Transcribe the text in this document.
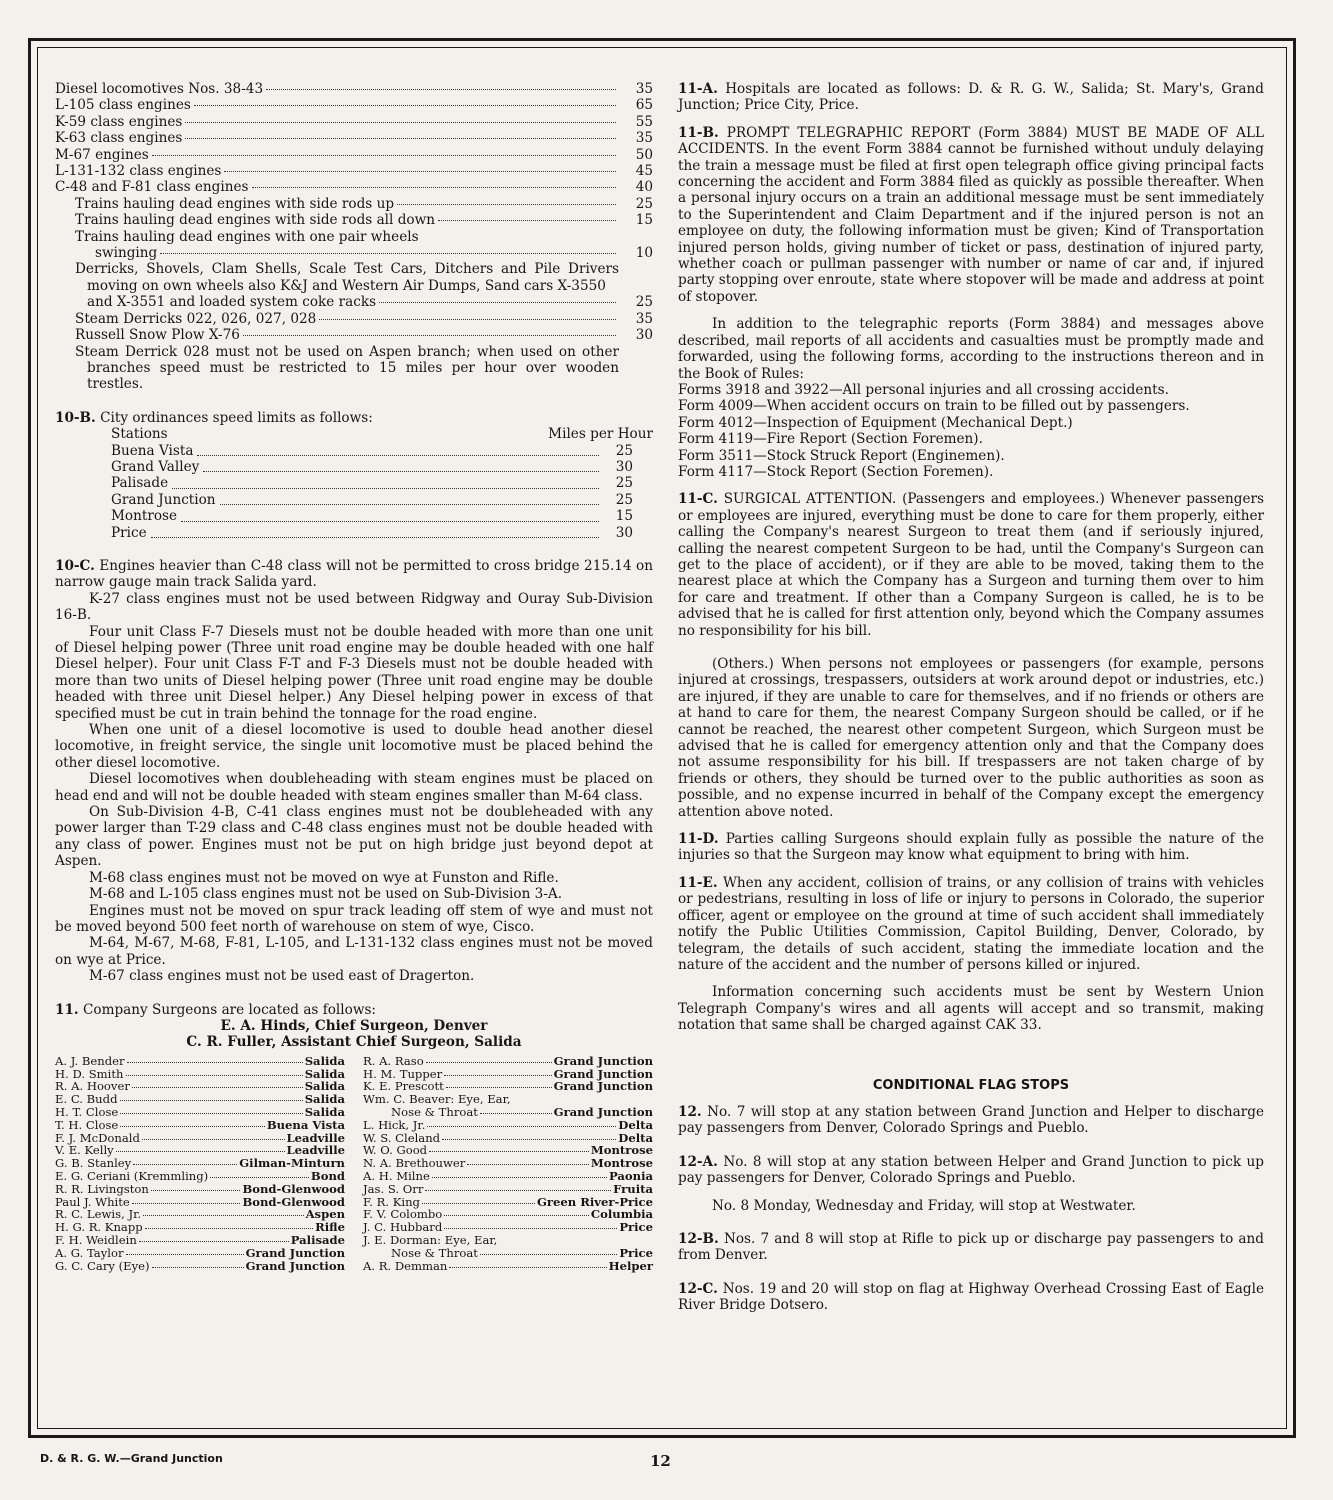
Diesel locomotives Nos. 38-43	35
L-105 class engines	65
K-59 class engines	55
K-63 class engines	35
M-67 engines	50
L-131-132 class engines	45
C-48 and F-81 class engines	40
Trains hauling dead engines with side rods up	25
Trains hauling dead engines with side rods all down	15
Trains hauling dead engines with one pair wheels
swinging	10
Derricks, Shovels, Clam Shells, Scale Test Cars, Ditchers and Pile Drivers moving on own wheels also K&J and Western Air Dumps, Sand cars X-3550
and X-3551 and loaded system coke racks	25
Steam Derricks 022, 026, 027, 028	35
Russell Snow Plow X-76	30
Steam Derrick 028 must not be used on Aspen branch; when used on other branches speed must be restricted to 15 miles per hour over wooden trestles.
10-B. City ordinances speed limits as follows:
Stations	Miles per Hour
Buena Vista	25
Grand Valley	30
Palisade	25
Grand Junction	25
Montrose	15
Price	30
10-C. Engines heavier than C-48 class will not be permitted to cross bridge 215.14 on narrow gauge main track Salida yard.
K-27 class engines must not be used between Ridgway and Ouray Sub-Division 16-B.
Four unit Class F-7 Diesels must not be double headed with more than one unit of Diesel helping power (Three unit road engine may be double headed with one half Diesel helper). Four unit Class F-T and F-3 Diesels must not be double headed with more than two units of Diesel helping power (Three unit road engine may be double headed with three unit Diesel helper.) Any Diesel helping power in excess of that specified must be cut in train behind the tonnage for the road engine.
When one unit of a diesel locomotive is used to double head another diesel locomotive, in freight service, the single unit locomotive must be placed behind the other diesel locomotive.
Diesel locomotives when doubleheading with steam engines must be placed on head end and will not be double headed with steam engines smaller than M-64 class.
On Sub-Division 4-B, C-41 class engines must not be doubleheaded with any power larger than T-29 class and C-48 class engines must not be double headed with any class of power. Engines must not be put on high bridge just beyond depot at Aspen.
M-68 class engines must not be moved on wye at Funston and Rifle.
M-68 and L-105 class engines must not be used on Sub-Division 3-A.
Engines must not be moved on spur track leading off stem of wye and must not be moved beyond 500 feet north of warehouse on stem of wye, Cisco.
M-64, M-67, M-68, F-81, L-105, and L-131-132 class engines must not be moved on wye at Price.
M-67 class engines must not be used east of Dragerton.
11. Company Surgeons are located as follows:
E. A. Hinds, Chief Surgeon, Denver
C. R. Fuller, Assistant Chief Surgeon, Salida
A. J. Bender	Salida
H. D. Smith	Salida
R. A. Hoover	Salida
E. C. Budd	Salida
H. T. Close	Salida
T. H. Close	Buena Vista
F. J. McDonald	Leadville
V. E. Kelly	Leadville
G. B. Stanley	Gilman-Minturn
E. G. Ceriani (Kremmling)	Bond
R. R. Livingston	Bond-Glenwood
Paul J. White	Bond-Glenwood
R. C. Lewis, Jr.	Aspen
H. G. R. Knapp	Rifle
F. H. Weidlein	Palisade
A. G. Taylor	Grand Junction
G. C. Cary (Eye)	Grand Junction
R. A. Raso	Grand Junction
H. M. Tupper	Grand Junction
K. E. Prescott	Grand Junction
Wm. C. Beaver: Eye, Ear,
Nose & Throat	Grand Junction
L. Hick, Jr.	Delta
W. S. Cleland	Delta
W. O. Good	Montrose
N. A. Brethouwer	Montrose
A. H. Milne	Paonia
Jas. S. Orr	Fruita
F. R. King	Green River-Price
F. V. Colombo	Columbia
J. C. Hubbard	Price
J. E. Dorman: Eye, Ear,
Nose & Throat	Price
A. R. Demman	Helper
11-A. Hospitals are located as follows: D. & R. G. W., Salida; St. Mary's, Grand Junction; Price City, Price.
11-B. PROMPT TELEGRAPHIC REPORT (Form 3884) MUST BE MADE OF ALL ACCIDENTS. In the event Form 3884 cannot be furnished without unduly delaying the train a message must be filed at first open telegraph office giving principal facts concerning the accident and Form 3884 filed as quickly as possible thereafter. When a personal injury occurs on a train an additional message must be sent immediately to the Superintendent and Claim Department and if the injured person is not an employee on duty, the following information must be given; Kind of Transportation injured person holds, giving number of ticket or pass, destination of injured party, whether coach or pullman passenger with number or name of car and, if injured party stopping over enroute, state where stopover will be made and address at point of stopover.
In addition to the telegraphic reports (Form 3884) and messages above described, mail reports of all accidents and casualties must be promptly made and forwarded, using the following forms, according to the instructions thereon and in the Book of Rules:
Forms 3918 and 3922—All personal injuries and all crossing accidents.
Form 4009—When accident occurs on train to be filled out by passengers.
Form 4012—Inspection of Equipment (Mechanical Dept.)
Form 4119—Fire Report (Section Foremen).
Form 3511—Stock Struck Report (Enginemen).
Form 4117—Stock Report (Section Foremen).
11-C. SURGICAL ATTENTION. (Passengers and employees.) Whenever passengers or employees are injured, everything must be done to care for them properly, either calling the Company's nearest Surgeon to treat them (and if seriously injured, calling the nearest competent Surgeon to be had, until the Company's Surgeon can get to the place of accident), or if they are able to be moved, taking them to the nearest place at which the Company has a Surgeon and turning them over to him for care and treatment. If other than a Company Surgeon is called, he is to be advised that he is called for first attention only, beyond which the Company assumes no responsibility for his bill.
(Others.) When persons not employees or passengers (for example, persons injured at crossings, trespassers, outsiders at work around depot or industries, etc.) are injured, if they are unable to care for themselves, and if no friends or others are at hand to care for them, the nearest Company Surgeon should be called, or if he cannot be reached, the nearest other competent Surgeon, which Surgeon must be advised that he is called for emergency attention only and that the Company does not assume responsibility for his bill. If trespassers are not taken charge of by friends or others, they should be turned over to the public authorities as soon as possible, and no expense incurred in behalf of the Company except the emergency attention above noted.
11-D. Parties calling Surgeons should explain fully as possible the nature of the injuries so that the Surgeon may know what equipment to bring with him.
11-E. When any accident, collision of trains, or any collision of trains with vehicles or pedestrians, resulting in loss of life or injury to persons in Colorado, the superior officer, agent or employee on the ground at time of such accident shall immediately notify the Public Utilities Commission, Capitol Building, Denver, Colorado, by telegram, the details of such accident, stating the immediate location and the nature of the accident and the number of persons killed or injured.
Information concerning such accidents must be sent by Western Union Telegraph Company's wires and all agents will accept and so transmit, making notation that same shall be charged against CAK 33.
CONDITIONAL FLAG STOPS
12. No. 7 will stop at any station between Grand Junction and Helper to discharge pay passengers from Denver, Colorado Springs and Pueblo.
12-A. No. 8 will stop at any station between Helper and Grand Junction to pick up pay passengers for Denver, Colorado Springs and Pueblo.
No. 8 Monday, Wednesday and Friday, will stop at Westwater.
12-B. Nos. 7 and 8 will stop at Rifle to pick up or discharge pay passengers to and from Denver.
12-C. Nos. 19 and 20 will stop on flag at Highway Overhead Crossing East of Eagle River Bridge Dotsero.
D. & R. G. W.—Grand Junction	12
